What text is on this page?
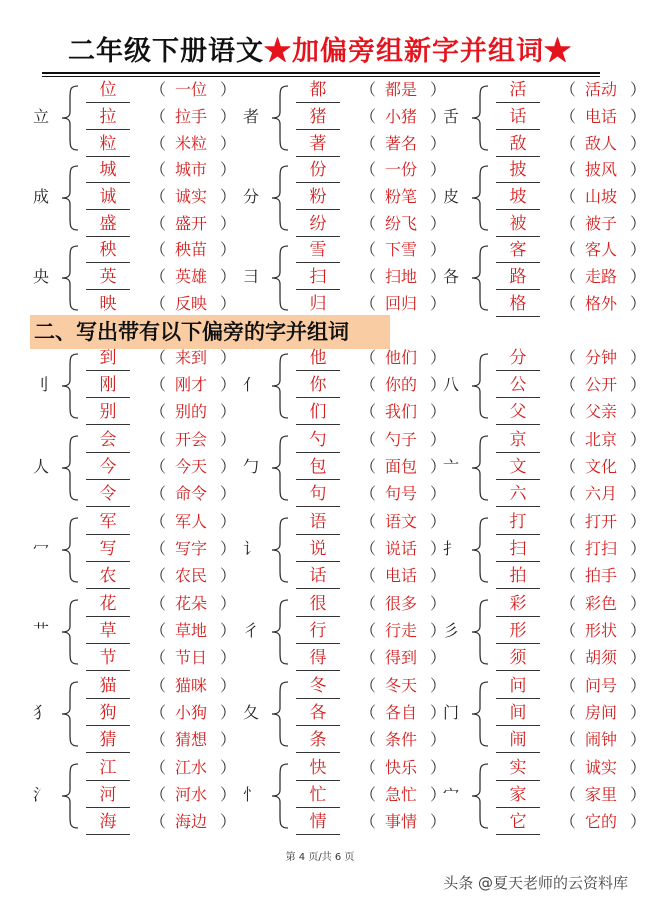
二年级下册语文★加偏旁组新字并组词★
立
位	（ 一位 ）
拉	（ 拉手 ）
粒	（ 米粒 ）
者
都	（ 都是 ）
猪	（ 小猪 ）
著	（ 著名 ）
舌
活	（ 活动 ）
话	（ 电话 ）
敌	（ 敌人 ）
成
城	（ 城市 ）
诚	（ 诚实 ）
盛	（ 盛开 ）
分
份	（ 一份 ）
粉	（ 粉笔 ）
纷	（ 纷飞 ）
皮
披	（ 披风 ）
坡	（ 山坡 ）
被	（ 被子 ）
央
秧	（ 秧苗 ）
英	（ 英雄 ）
映	（ 反映 ）
彐
雪	（ 下雪 ）
扫	（ 扫地 ）
归	（ 回归 ）
各
客	（ 客人 ）
路	（ 走路 ）
格	（ 格外 ）
二、写出带有以下偏旁的字并组词
刂
到	（ 来到 ）
刚	（ 刚才 ）
别	（ 别的 ）
亻
他	（ 他们 ）
你	（ 你的 ）
们	（ 我们 ）
八
分	（ 分钟 ）
公	（ 公开 ）
父	（ 父亲 ）
人
会	（ 开会 ）
今	（ 今天 ）
令	（ 命令 ）
勹
勺	（ 勺子 ）
包	（ 面包 ）
句	（ 句号 ）
亠
京	（ 北京 ）
文	（ 文化 ）
六	（ 六月 ）
冖
军	（ 军人 ）
写	（ 写字 ）
农	（ 农民 ）
讠
语	（ 语文 ）
说	（ 说话 ）
话	（ 电话 ）
扌
打	（ 打开 ）
扫	（ 打扫 ）
拍	（ 拍手 ）
艹
花	（ 花朵 ）
草	（ 草地 ）
节	（ 节日 ）
彳
很	（ 很多 ）
行	（ 行走 ）
得	（ 得到 ）
彡
彩	（ 彩色 ）
形	（ 形状 ）
须	（ 胡须 ）
犭
猫	（ 猫咪 ）
狗	（ 小狗 ）
猜	（ 猜想 ）
夂
冬	（ 冬天 ）
各	（ 各自 ）
条	（ 条件 ）
门
问	（ 问号 ）
间	（ 房间 ）
闹	（ 闹钟 ）
氵
江	（ 江水 ）
河	（ 河水 ）
海	（ 海边 ）
忄
快	（ 快乐 ）
忙	（ 急忙 ）
情	（ 事情 ）
宀
实	（ 诚实 ）
家	（ 家里 ）
它	（ 它的 ）
第 4 页/共 6 页
头条 @夏天老师的云资料库
